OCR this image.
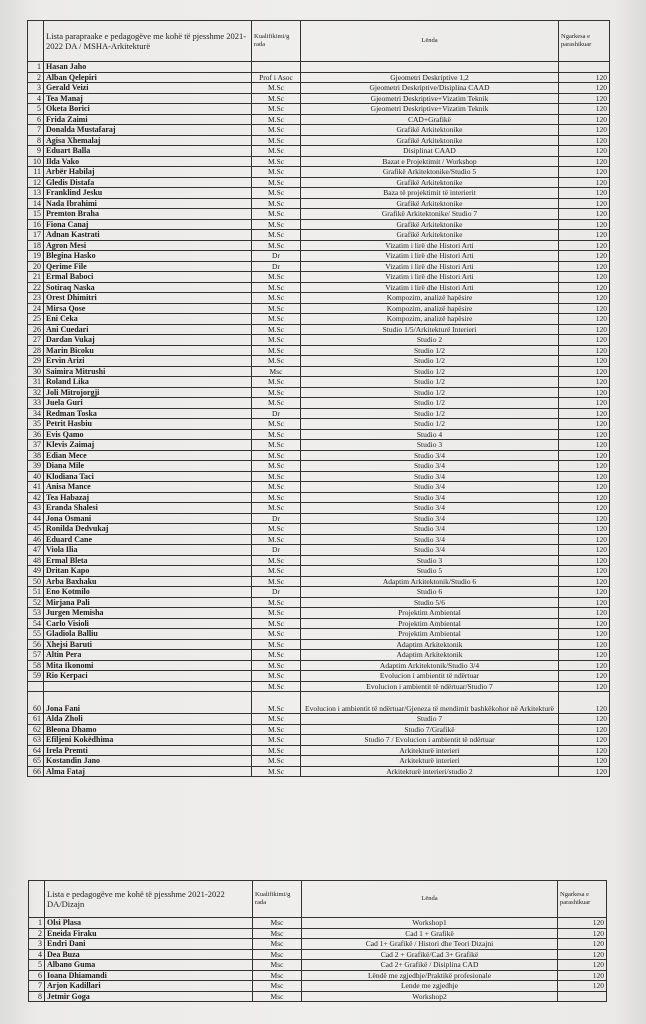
	Lista parapraake e pedagogëve me kohë të pjesshme 2021-2022 DA / MSHA-Arkitekturë	Kualifikimi/g rada	Lënda	Ngarkesa e parashikuar
1	Hasan Jaho			
2	Alban Qelepiri	Prof i Asoc	Gjeometri Deskriptive 1,2	120
3	Gerald Veizi	M.Sc	Gjeometri Deskriptive/Disiplina CAAD	120
4	Tea Manaj	M.Sc	Gjeometri Deskriptive+Vizatim Teknik	120
5	Oketa Borici	M.Sc	Gjeometri Deskriptive+Vizatim Teknik	120
6	Frida Zaimi	M.Sc	CAD+Grafikë	120
7	Donalda Mustafaraj	M.Sc	Grafikë Arkitektonike	120
8	Agisa Xhemalaj	M.Sc	Grafikë Arkitektonike	120
9	Eduart Balla	M.Sc	Disiplinat CAAD	120
10	Ilda Vako	M.Sc	Bazat e Projektimit / Workshop	120
11	Arbër Habilaj	M.Sc	Grafikë Arkitektonike/Studio 5	120
12	Gledis Distafa	M.Sc	Grafikë Arkitektonike	120
13	Franklind Jesku	M.Sc	Baza të projektimit të interierit	120
14	Nada Ibrahimi	M.Sc	Grafikë Arkitektonike	120
15	Premton Braha	M.Sc	Grafikë Arkitektonike/ Studio 7	120
16	Fiona Canaj	M.Sc	Grafikë Arkitektonike	120
17	Adnan Kastrati	M.Sc	Grafikë Arkitektonike	120
18	Agron Mesi	M.Sc	Vizatim i lirë dhe Histori Arti	120
19	Blegina Hasko	Dr	Vizatim i lirë dhe Histori Arti	120
20	Qerime File	Dr	Vizatim i lirë dhe Histori Arti	120
21	Ermal Baboci	M.Sc	Vizatim i lirë dhe Histori Arti	120
22	Sotiraq Naska	M.Sc	Vizatim i lirë dhe Histori Arti	120
23	Orest Dhimitri	M.Sc	Kompozim, analizë hapësire	120
24	Mirsa Qose	M.Sc	Kompozim, analizë hapësire	120
25	Eni Ceka	M.Sc	Kompozim, analizë hapësire	120
26	Ani Cuedari	M.Sc	Studio 1/5/Arkitekturë Interieri	120
27	Dardan Vukaj	M.Sc	Studio 2	120
28	Marin Bicoku	M.Sc	Studio 1/2	120
29	Ervin Arizi	M.Sc	Studio 1/2	120
30	Saimira Mitrushi	Msc	Studio 1/2	120
31	Roland Lika	M.Sc	Studio 1/2	120
32	Joli Mitrojorgji	M.Sc	Studio 1/2	120
33	Juela Guri	M.Sc	Studio 1/2	120
34	Redman Toska	Dr	Studio 1/2	120
35	Petrit Hasbiu	M.Sc	Studio 1/2	120
36	Evis Qamo	M.Sc	Studio 4	120
37	Klevis Zaimaj	M.Sc	Studio 3	120
38	Edian Mece	M.Sc	Studio 3/4	120
39	Diana Mile	M.Sc	Studio 3/4	120
40	Klodiana Taci	M.Sc	Studio 3/4	120
41	Anisa Mance	M.Sc	Studio 3/4	120
42	Tea Habazaj	M.Sc	Studio 3/4	120
43	Eranda Shalesi	M.Sc	Studio 3/4	120
44	Jona Osmani	Dr	Studio 3/4	120
45	Ronilda Dedvukaj	M.Sc	Studio 3/4	120
46	Eduard Cane	M.Sc	Studio 3/4	120
47	Viola Ilia	Dr	Studio 3/4	120
48	Ermal Bleta	M.Sc	Studio 3	120
49	Dritan Kapo	M.Sc	Studio 5	120
50	Arba Baxhaku	M.Sc	Adaptim Arkitektonik/Studio 6	120
51	Eno Kotmilo	Dr	Studio 6	120
52	Mirjana Pali	M.Sc	Studio 5/6	120
53	Jurgen Memisha	M.Sc	Projektim Ambiental	120
54	Carlo Visioli	M.Sc	Projektim Ambiental	120
55	Gladiola Balliu	M.Sc	Projektim Ambiental	120
56	Xhejsi Baruti	M.Sc	Adaptim Arkitektonik	120
57	Altin Pera	M.Sc	Adaptim Arkitektonik	120
58	Mita Ikonomi	M.Sc	Adaptim Arkitektonik/Studio 3/4	120
59	Rio Kerpaci	M.Sc	Evolucion i ambientit të ndërtuar	120
		M.Sc	Evolucion i ambientit të ndërtuar/Studio 7	120
60	Jona Fani	M.Sc	Evolucion i ambientit të ndërtuar/Gjeneza të mendimit bashkëkohor në Arkitekturë	120
61	Alda Zholi	M.Sc	Studio 7	120
62	Bleona Dhamo	M.Sc	Studio 7/Grafikë	120
63	Efiljeni Kokëdhima	M.Sc	Studio 7 / Evolucion i ambientit të ndërtuar	120
64	Irela Premti	M.Sc	Arkitekturë interieri	120
65	Kostandin Jano	M.Sc	Arkitekturë interieri	120
66	Alma Fataj	M.Sc	Arkitekturë interieri/studio 2	120
	Lista e pedagogëve me kohë të pjesshme 2021-2022 DA/Dizajn	Kualifikimi/g rada	Lënda	Ngarkesa e parashikuar
1	Olsi Plasa	Msc	Workshop1	120
2	Eneida Firaku	Msc	Cad 1 + Grafikë	120
3	Endri Dani	Msc	Cad 1+ Grafikë / Histori dhe Teori Dizajni	120
4	Dea Buza	Msc	Cad 2 + Grafikë/Cad 3+ Grafikë	120
5	Albano Guma	Msc	Cad 2+ Grafikë / Disiplina CAD	120
6	Ioana Dhiamandi	Msc	Lëndë me zgjedhje/Praktikë profesionale	120
7	Arjon Kadillari	Msc	Lende me zgjedhje	120
8	Jetmir Goga	Msc	Workshop2	
